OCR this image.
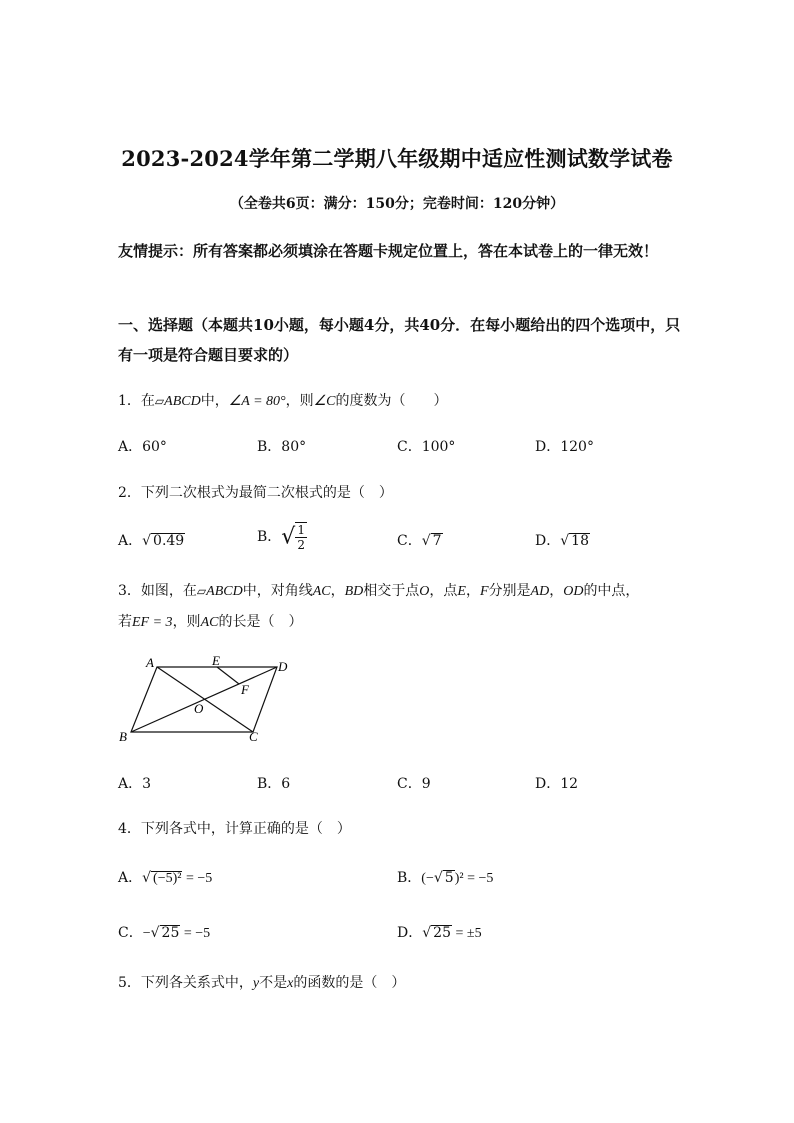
2023-2024学年第二学期八年级期中适应性测试数学试卷
（全卷共6页：满分：150分；完卷时间：120分钟）
友情提示：所有答案都必须填涂在答题卡规定位置上，答在本试卷上的一律无效！
一、选择题（本题共10小题，每小题4分，共40分．在每小题给出的四个选项中，只有一项是符合题目要求的）
1．在▱ABCD中，∠A = 80°，则∠C的度数为（　　）
A．60°	B．80°	C．100°	D．120°
2．下列二次根式为最简二次根式的是（　）
A．√ 0.49	B．√ $\frac{1}{2}$	C．√ 7	D．√ 18
3．如图，在▱ABCD中，对角线AC，BD相交于点O，点E，F分别是AD，OD的中点，
若EF = 3，则AC的长是（　）
A	E	D
F
O
B	C
A．3	B．6	C．9	D．12
4．下列各式中，计算正确的是（　）
A．√ (−5)² = −5	B．(−√ 5)² = −5
C．−√ 25 = −5	D．√ 25 = ±5
5．下列各关系式中，y不是x的函数的是（　）
